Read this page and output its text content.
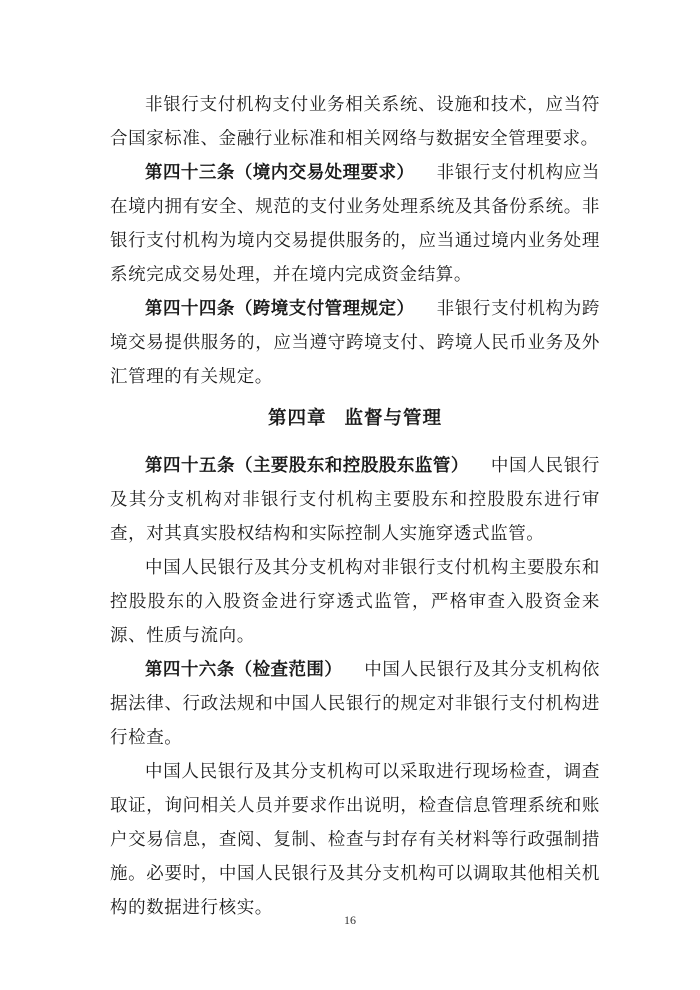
非银行支付机构支付业务相关系统、设施和技术，应当符合国家标准、金融行业标准和相关网络与数据安全管理要求。

第四十三条（境内交易处理要求） 非银行支付机构应当在境内拥有安全、规范的支付业务处理系统及其备份系统。非银行支付机构为境内交易提供服务的，应当通过境内业务处理系统完成交易处理，并在境内完成资金结算。

第四十四条（跨境支付管理规定） 非银行支付机构为跨境交易提供服务的，应当遵守跨境支付、跨境人民币业务及外汇管理的有关规定。

第四章 监督与管理

第四十五条（主要股东和控股股东监管） 中国人民银行及其分支机构对非银行支付机构主要股东和控股股东进行审查，对其真实股权结构和实际控制人实施穿透式监管。

中国人民银行及其分支机构对非银行支付机构主要股东和控股股东的入股资金进行穿透式监管，严格审查入股资金来源、性质与流向。

第四十六条（检查范围） 中国人民银行及其分支机构依据法律、行政法规和中国人民银行的规定对非银行支付机构进行检查。

中国人民银行及其分支机构可以采取进行现场检查，调查取证，询问相关人员并要求作出说明，检查信息管理系统和账户交易信息，查阅、复制、检查与封存有关材料等行政强制措施。必要时，中国人民银行及其分支机构可以调取其他相关机构的数据进行核实。

16
